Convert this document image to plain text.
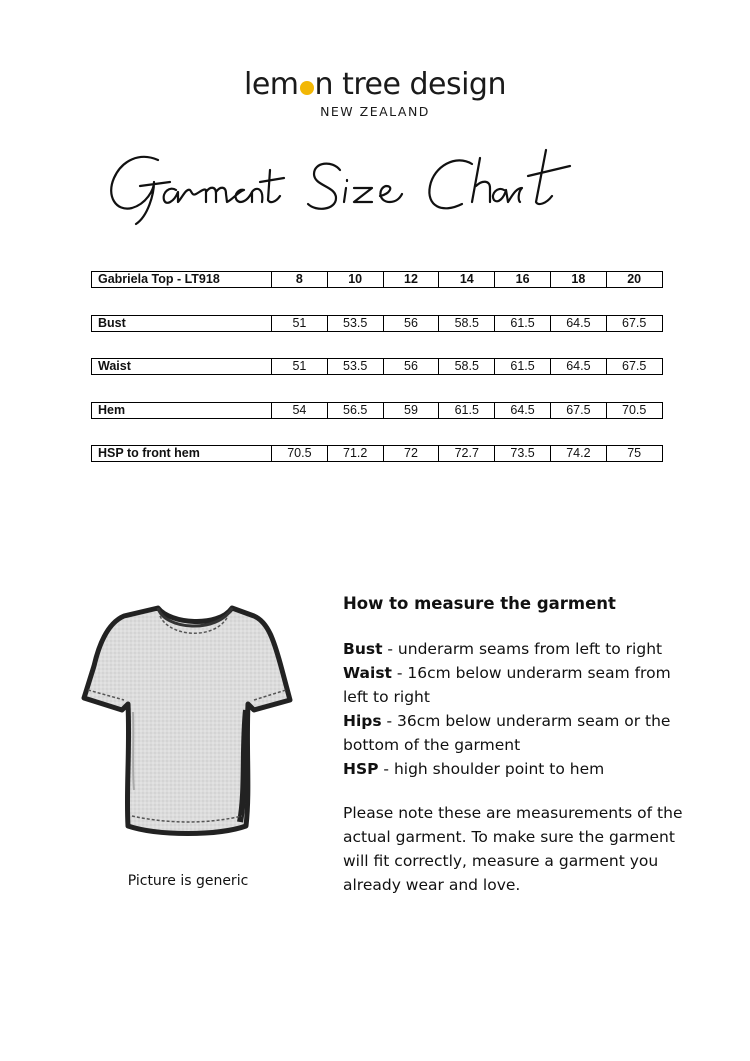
lem n tree design
NEW ZEALAND
Gabriela Top - LT918	8	10	12	14	16	18	20
Bust	51	53.5	56	58.5	61.5	64.5	67.5
Waist	51	53.5	56	58.5	61.5	64.5	67.5
Hem	54	56.5	59	61.5	64.5	67.5	70.5
HSP to front hem	70.5	71.2	72	72.7	73.5	74.2	75
Picture is generic
How to measure the garment

Bust - underarm seams from left to right

Waist - 16cm below underarm seam from left to right

Hips - 36cm below underarm seam or the bottom of the garment

HSP - high shoulder point to hem

Please note these are measurements of the actual garment. To make sure the garment will fit correctly, measure a garment you already wear and love.
